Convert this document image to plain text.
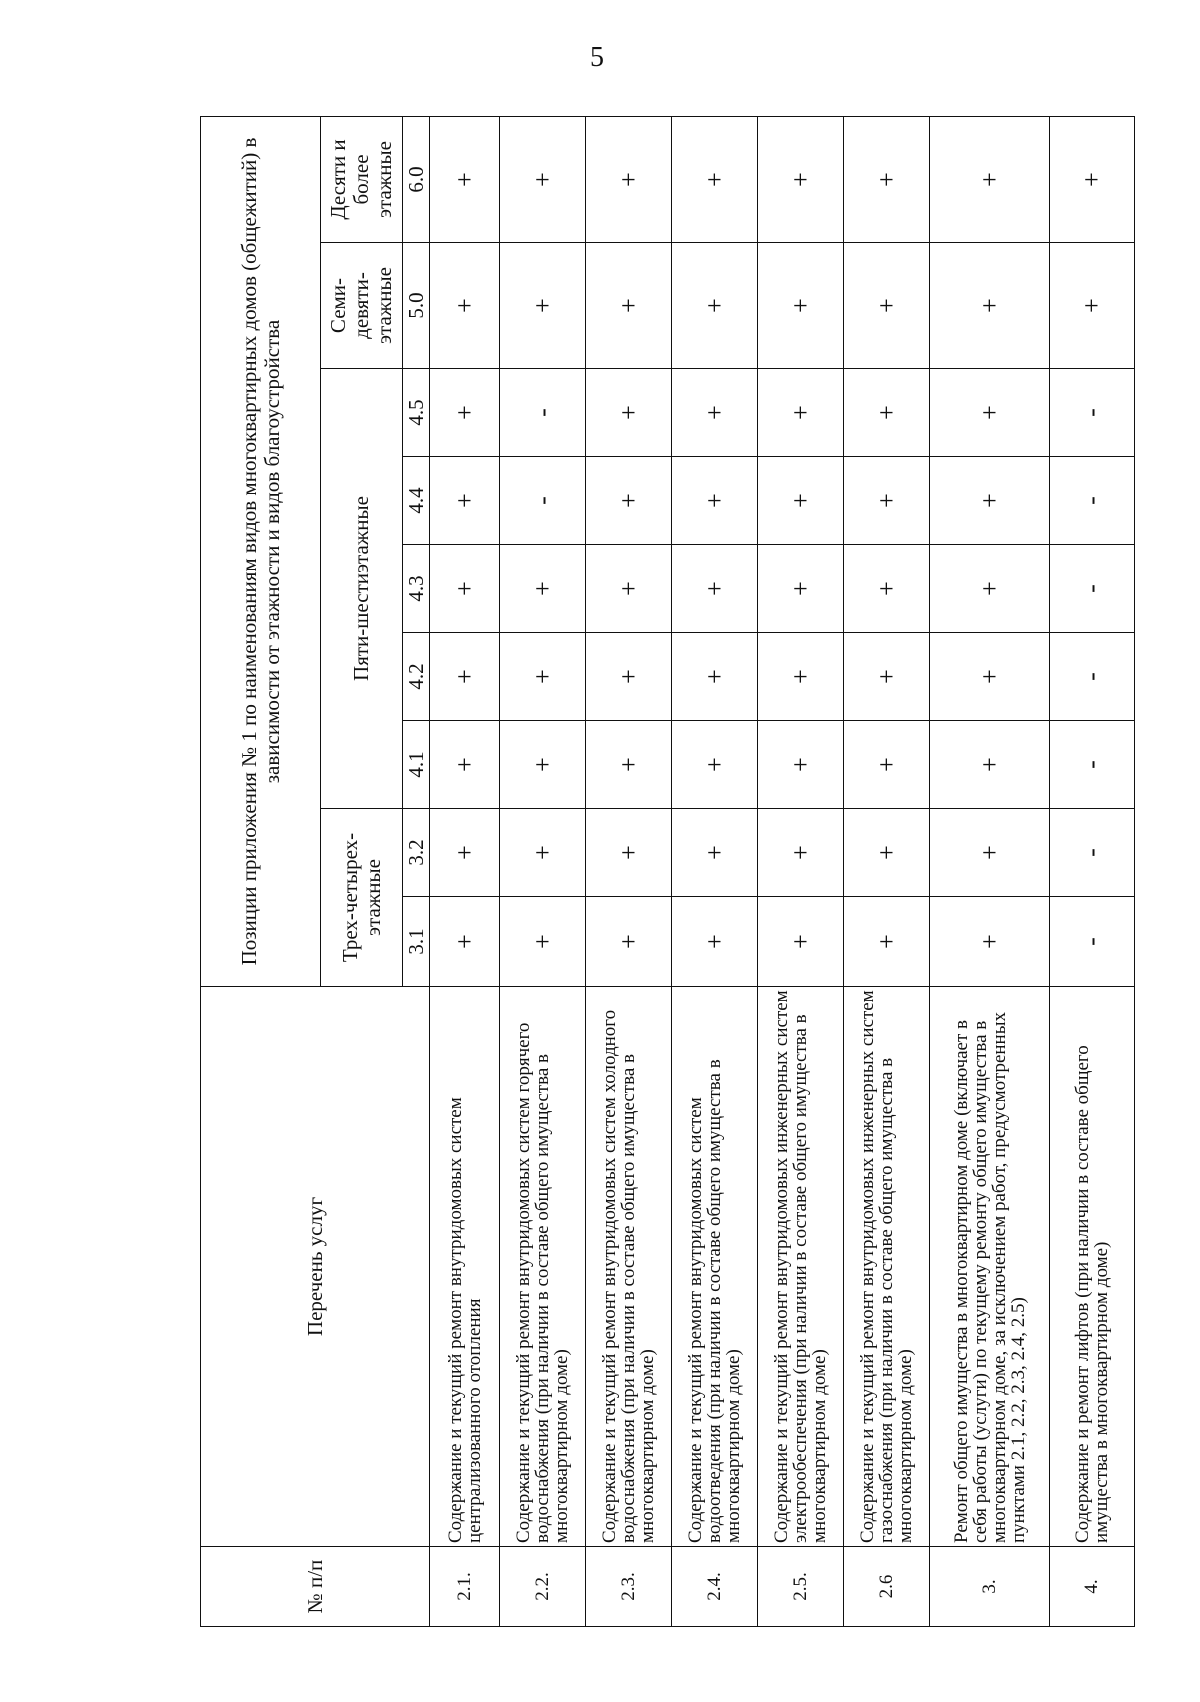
5
№ п/п	Перечень услуг	Позиции приложения № 1 по наименованиям видов многоквартирных домов (общежитий) в зависимости от этажности и видов благоустройства								
		Трех-четырех-этажные		Пяти-шестиэтажные					Семи-девяти-этажные	Десяти и более этажные
		3.1	3.2	4.1	4.2	4.3	4.4	4.5	5.0	6.0
2.1.	Содержание и текущий ремонт внутридомовых систем централизованного отопления	+	+	+	+	+	+	+	+	+
2.2.	Содержание и текущий ремонт внутридомовых систем горячего водоснабжения (при наличии в составе общего имущества в многоквартирном доме)	+	+	+	+	+	-	-	+	+
2.3.	Содержание и текущий ремонт внутридомовых систем холодного водоснабжения (при наличии в составе общего имущества в многоквартирном доме)	+	+	+	+	+	+	+	+	+
2.4.	Содержание и текущий ремонт внутридомовых систем водоотведения (при наличии в составе общего имущества в многоквартирном доме)	+	+	+	+	+	+	+	+	+
2.5.	Содержание и текущий ремонт внутридомовых инженерных систем электрообеспечения (при наличии в составе общего имущества в многоквартирном доме)	+	+	+	+	+	+	+	+	+
2.6	Содержание и текущий ремонт внутридомовых инженерных систем газоснабжения (при наличии в составе общего имущества в многоквартирном доме)	+	+	+	+	+	+	+	+	+
3.	Ремонт общего имущества в многоквартирном доме (включает в себя работы (услуги) по текущему ремонту общего имущества в многоквартирном доме, за исключением работ, предусмотренных пунктами 2.1, 2.2, 2.3, 2.4, 2.5)	+	+	+	+	+	+	+	+	+
4.	Содержание и ремонт лифтов (при наличии в составе общего имущества в многоквартирном доме)	-	-	-	-	-	-	-	+	+
